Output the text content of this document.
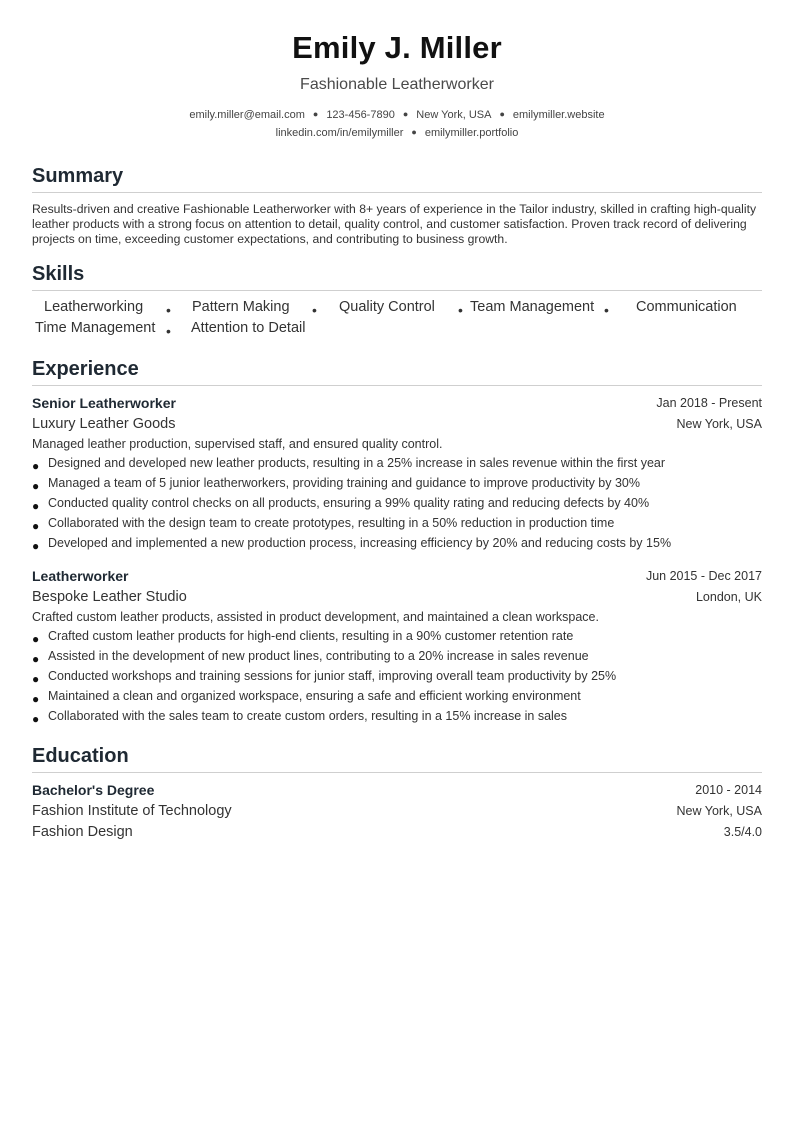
Emily J. Miller
Fashionable Leatherworker
emily.miller@email.com ● 123-456-7890 ● New York, USA ● emilymiller.website
linkedin.com/in/emilymiller ● emilymiller.portfolio
Summary
Results-driven and creative Fashionable Leatherworker with 8+ years of experience in the Tailor industry, skilled in crafting high-quality leather products with a strong focus on attention to detail, quality control, and customer satisfaction. Proven track record of delivering projects on time, exceeding customer expectations, and contributing to business growth.
Skills
Leatherworking • Pattern Making • Quality Control • Team Management • Communication
Time Management • Attention to Detail
Experience
Senior Leatherworker	Jan 2018 - Present
Luxury Leather Goods	New York, USA
Managed leather production, supervised staff, and ensured quality control.
● Designed and developed new leather products, resulting in a 25% increase in sales revenue within the first year
● Managed a team of 5 junior leatherworkers, providing training and guidance to improve productivity by 30%
● Conducted quality control checks on all products, ensuring a 99% quality rating and reducing defects by 40%
● Collaborated with the design team to create prototypes, resulting in a 50% reduction in production time
● Developed and implemented a new production process, increasing efficiency by 20% and reducing costs by 15%
Leatherworker	Jun 2015 - Dec 2017
Bespoke Leather Studio	London, UK
Crafted custom leather products, assisted in product development, and maintained a clean workspace.
● Crafted custom leather products for high-end clients, resulting in a 90% customer retention rate
● Assisted in the development of new product lines, contributing to a 20% increase in sales revenue
● Conducted workshops and training sessions for junior staff, improving overall team productivity by 25%
● Maintained a clean and organized workspace, ensuring a safe and efficient working environment
● Collaborated with the sales team to create custom orders, resulting in a 15% increase in sales
Education
Bachelor's Degree	2010 - 2014
Fashion Institute of Technology	New York, USA
Fashion Design	3.5/4.0
